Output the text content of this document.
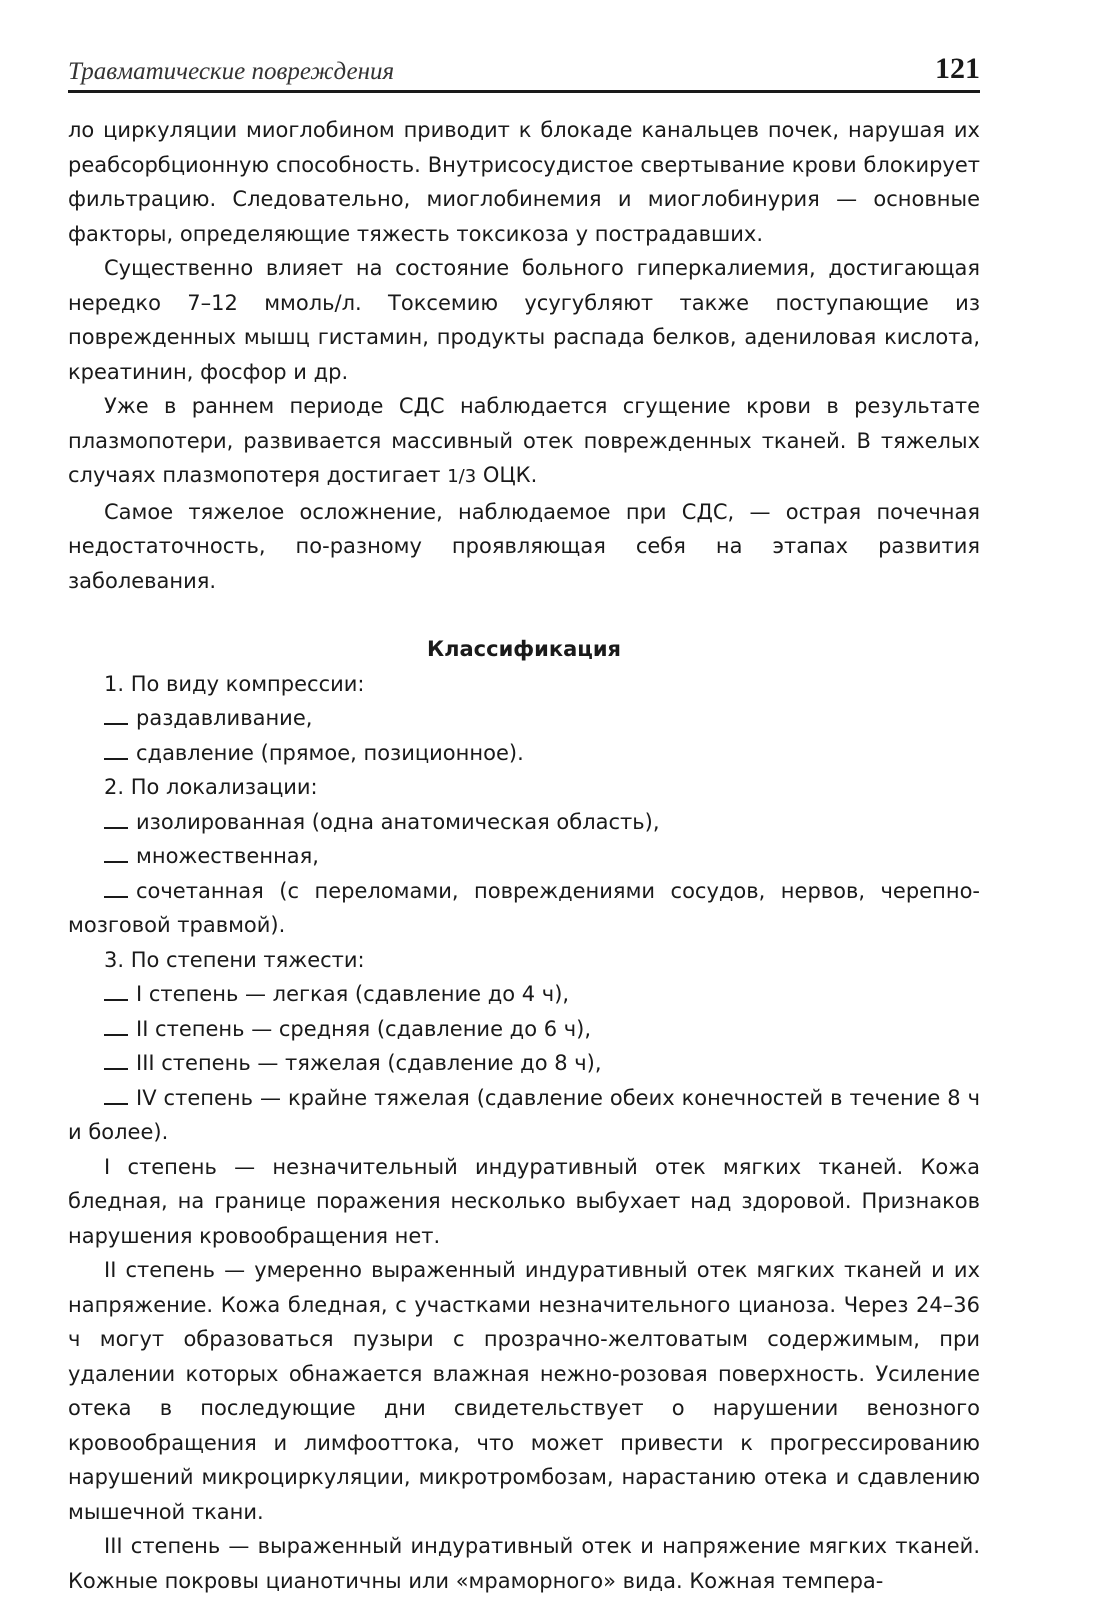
Травматические повреждения	121

ло циркуляции миоглобином приводит к блокаде канальцев почек, нарушая их реабсорбционную способность. Внутрисосудистое свертывание крови блокирует фильтрацию. Следовательно, миоглобинемия и миоглобинурия — основные факторы, определяющие тяжесть токсикоза у пострадавших.

Существенно влияет на состояние больного гиперкалиемия, достигающая нередко 7–12 ммоль/л. Токсемию усугубляют также поступающие из поврежденных мышц гистамин, продукты распада белков, адениловая кислота, креатинин, фосфор и др.

Уже в раннем периоде СДС наблюдается сгущение крови в результате плазмопотери, развивается массивный отек поврежденных тканей. В тяжелых случаях плазмопотеря достигает 1/3 ОЦК.

Самое тяжелое осложнение, наблюдаемое при СДС, — острая почечная недостаточность, по-разному проявляющая себя на этапах развития заболевания.

Классификация

1. По виду компрессии:

раздавливание,

сдавление (прямое, позиционное).

2. По локализации:

изолированная (одна анатомическая область),

множественная,

сочетанная (с переломами, повреждениями сосудов, нервов, черепно-мозговой травмой).

3. По степени тяжести:

I степень — легкая (сдавление до 4 ч),

II степень — средняя (сдавление до 6 ч),

III степень — тяжелая (сдавление до 8 ч),

IV степень — крайне тяжелая (сдавление обеих конечностей в течение 8 ч и более).

I степень — незначительный индуративный отек мягких тканей. Кожа бледная, на границе поражения несколько выбухает над здоровой. Признаков нарушения кровообращения нет.

II степень — умеренно выраженный индуративный отек мягких тканей и их напряжение. Кожа бледная, с участками незначительного цианоза. Через 24–36 ч могут образоваться пузыри с прозрачно-желтоватым содержимым, при удалении которых обнажается влажная нежно-розовая поверхность. Усиление отека в последующие дни свидетельствует о нарушении венозного кровообращения и лимфооттока, что может привести к прогрессированию нарушений микроциркуляции, микротромбозам, нарастанию отека и сдавлению мышечной ткани.

III степень — выраженный индуративный отек и напряжение мягких тканей. Кожные покровы цианотичны или «мраморного» вида. Кожная темпера-
